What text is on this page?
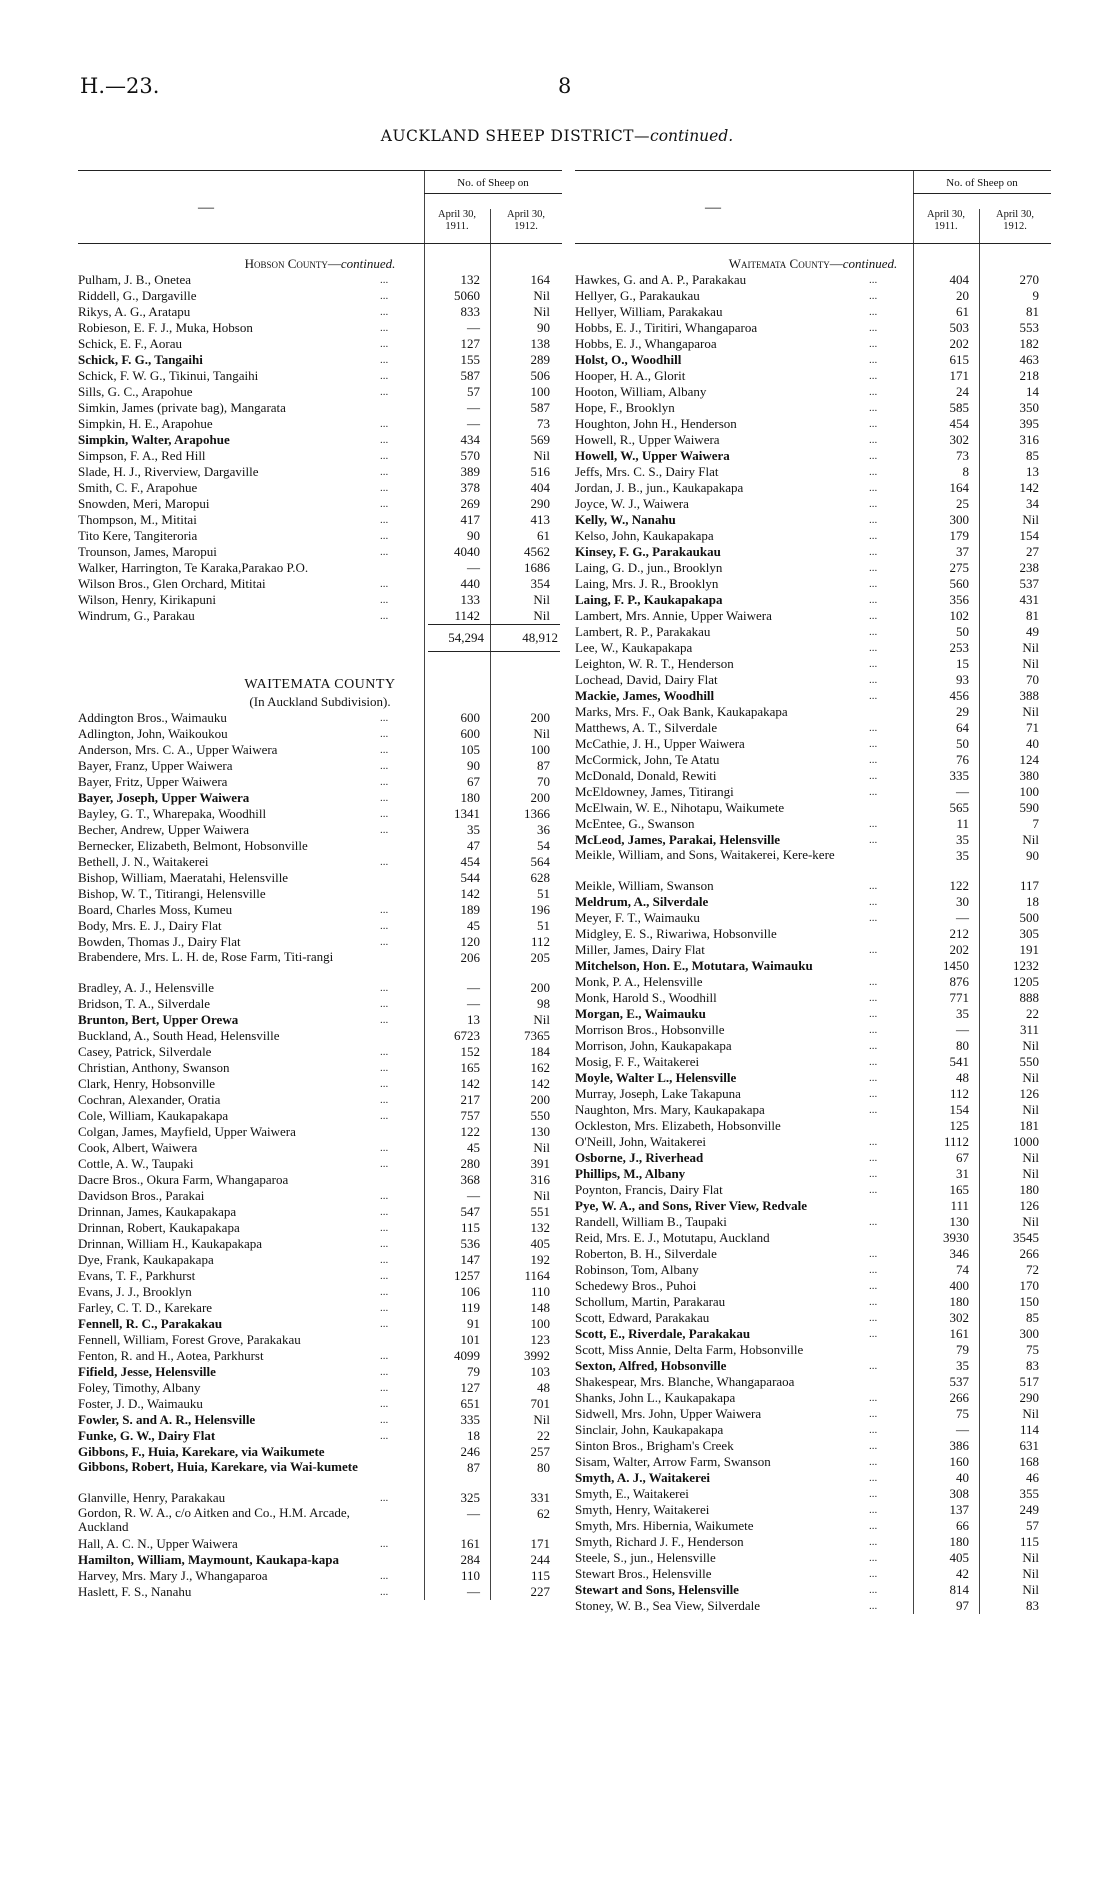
H.—23.	8
AUCKLAND SHEEP DISTRICT—continued.
—
No. of Sheep on
April 30,
1911.
April 30,
1912.
Hobson County—continued.
Pulham, J. B., Onetea	...	132	164
Riddell, G., Dargaville	...	5060	Nil
Rikys, A. G., Aratapu	...	833	Nil
Robieson, E. F. J., Muka, Hobson	...	—	90
Schick, E. F., Aorau	...	127	138
Schick, F. G., Tangaihi	...	155	289
Schick, F. W. G., Tikinui, Tangaihi	...	587	506
Sills, G. C., Arapohue	...	57	100
Simkin, James (private bag), Mangarata	—	587
Simpkin, H. E., Arapohue	...	—	73
Simpkin, Walter, Arapohue	...	434	569
Simpson, F. A., Red Hill	...	570	Nil
Slade, H. J., Riverview, Dargaville	...	389	516
Smith, C. F., Arapohue	...	378	404
Snowden, Meri, Maropui	...	269	290
Thompson, M., Mititai	...	417	413
Tito Kere, Tangiteroria	...	90	61
Trounson, James, Maropui	...	4040	4562
Walker, Harrington, Te Karaka,Parakao P.O.	—	1686
Wilson Bros., Glen Orchard, Mititai	...	440	354
Wilson, Henry, Kirikapuni	...	133	Nil
Windrum, G., Parakau	...	1142	Nil
54,294	48,912
WAITEMATA COUNTY
(In Auckland Subdivision).
Addington Bros., Waimauku	...	600	200
Adlington, John, Waikoukou	...	600	Nil
Anderson, Mrs. C. A., Upper Waiwera	...	105	100
Bayer, Franz, Upper Waiwera	...	90	87
Bayer, Fritz, Upper Waiwera	...	67	70
Bayer, Joseph, Upper Waiwera	...	180	200
Bayley, G. T., Wharepaka, Woodhill	...	1341	1366
Becher, Andrew, Upper Waiwera	...	35	36
Bernecker, Elizabeth, Belmont, Hobsonville	47	54
Bethell, J. N., Waitakerei	...	454	564
Bishop, William, Maeratahi, Helensville	544	628
Bishop, W. T., Titirangi, Helensville	142	51
Board, Charles Moss, Kumeu	...	189	196
Body, Mrs. E. J., Dairy Flat	...	45	51
Bowden, Thomas J., Dairy Flat	...	120	112
Brabendere, Mrs. L. H. de, Rose Farm, Titi-rangi	206	205
Bradley, A. J., Helensville	...	—	200
Bridson, T. A., Silverdale	...	—	98
Brunton, Bert, Upper Orewa	...	13	Nil
Buckland, A., South Head, Helensville	6723	7365
Casey, Patrick, Silverdale	...	152	184
Christian, Anthony, Swanson	...	165	162
Clark, Henry, Hobsonville	...	142	142
Cochran, Alexander, Oratia	...	217	200
Cole, William, Kaukapakapa	...	757	550
Colgan, James, Mayfield, Upper Waiwera	122	130
Cook, Albert, Waiwera	...	45	Nil
Cottle, A. W., Taupaki	...	280	391
Dacre Bros., Okura Farm, Whangaparoa	368	316
Davidson Bros., Parakai	...	—	Nil
Drinnan, James, Kaukapakapa	...	547	551
Drinnan, Robert, Kaukapakapa	...	115	132
Drinnan, William H., Kaukapakapa	...	536	405
Dye, Frank, Kaukapakapa	...	147	192
Evans, T. F., Parkhurst	...	1257	1164
Evans, J. J., Brooklyn	...	106	110
Farley, C. T. D., Karekare	...	119	148
Fennell, R. C., Parakakau	...	91	100
Fennell, William, Forest Grove, Parakakau	101	123
Fenton, R. and H., Aotea, Parkhurst	...	4099	3992
Fifield, Jesse, Helensville	...	79	103
Foley, Timothy, Albany	...	127	48
Foster, J. D., Waimauku	...	651	701
Fowler, S. and A. R., Helensville	...	335	Nil
Funke, G. W., Dairy Flat	...	18	22
Gibbons, F., Huia, Karekare, via Waikumete	246	257
Gibbons, Robert, Huia, Karekare, via Wai-kumete	87	80
Glanville, Henry, Parakakau	...	325	331
Gordon, R. W. A., c/o Aitken and Co., H.M. Arcade, Auckland
—	62
Hall, A. C. N., Upper Waiwera	...	161	171
Hamilton, William, Maymount, Kaukapa-kapa	284	244
Harvey, Mrs. Mary J., Whangaparoa	...	110	115
Haslett, F. S., Nanahu	...	—	227
—
No. of Sheep on
April 30,
1911.
April 30,
1912.
Waitemata County—continued.
Hawkes, G. and A. P., Parakakau	...	404	270
Hellyer, G., Parakaukau	...	20	9
Hellyer, William, Parakakau	...	61	81
Hobbs, E. J., Tiritiri, Whangaparoa	...	503	553
Hobbs, E. J., Whangaparoa	...	202	182
Holst, O., Woodhill	...	615	463
Hooper, H. A., Glorit	...	171	218
Hooton, William, Albany	...	24	14
Hope, F., Brooklyn	...	585	350
Houghton, John H., Henderson	...	454	395
Howell, R., Upper Waiwera	...	302	316
Howell, W., Upper Waiwera	...	73	85
Jeffs, Mrs. C. S., Dairy Flat	...	8	13
Jordan, J. B., jun., Kaukapakapa	...	164	142
Joyce, W. J., Waiwera	...	25	34
Kelly, W., Nanahu	...	300	Nil
Kelso, John, Kaukapakapa	...	179	154
Kinsey, F. G., Parakaukau	...	37	27
Laing, G. D., jun., Brooklyn	...	275	238
Laing, Mrs. J. R., Brooklyn	...	560	537
Laing, F. P., Kaukapakapa	...	356	431
Lambert, Mrs. Annie, Upper Waiwera	...	102	81
Lambert, R. P., Parakakau	...	50	49
Lee, W., Kaukapakapa	...	253	Nil
Leighton, W. R. T., Henderson	...	15	Nil
Lochead, David, Dairy Flat	...	93	70
Mackie, James, Woodhill	...	456	388
Marks, Mrs. F., Oak Bank, Kaukapakapa	29	Nil
Matthews, A. T., Silverdale	...	64	71
McCathie, J. H., Upper Waiwera	...	50	40
McCormick, John, Te Atatu	...	76	124
McDonald, Donald, Rewiti	...	335	380
McEldowney, James, Titirangi	...	—	100
McElwain, W. E., Nihotapu, Waikumete	565	590
McEntee, G., Swanson	...	11	7
McLeod, James, Parakai, Helensville	...	35	Nil
Meikle, William, and Sons, Waitakerei, Kere-kere	35	90
Meikle, William, Swanson	...	122	117
Meldrum, A., Silverdale	...	30	18
Meyer, F. T., Waimauku	...	—	500
Midgley, E. S., Riwariwa, Hobsonville	212	305
Miller, James, Dairy Flat	...	202	191
Mitchelson, Hon. E., Motutara, Waimauku	1450	1232
Monk, P. A., Helensville	...	876	1205
Monk, Harold S., Woodhill	...	771	888
Morgan, E., Waimauku	...	35	22
Morrison Bros., Hobsonville	...	—	311
Morrison, John, Kaukapakapa	...	80	Nil
Mosig, F. F., Waitakerei	...	541	550
Moyle, Walter L., Helensville	...	48	Nil
Murray, Joseph, Lake Takapuna	...	112	126
Naughton, Mrs. Mary, Kaukapakapa	...	154	Nil
Ockleston, Mrs. Elizabeth, Hobsonville	125	181
O'Neill, John, Waitakerei	...	1112	1000
Osborne, J., Riverhead	...	67	Nil
Phillips, M., Albany	...	31	Nil
Poynton, Francis, Dairy Flat	...	165	180
Pye, W. A., and Sons, River View, Redvale	111	126
Randell, William B., Taupaki	...	130	Nil
Reid, Mrs. E. J., Motutapu, Auckland	3930	3545
Roberton, B. H., Silverdale	...	346	266
Robinson, Tom, Albany	...	74	72
Schedewy Bros., Puhoi	...	400	170
Schollum, Martin, Parakarau	...	180	150
Scott, Edward, Parakakau	...	302	85
Scott, E., Riverdale, Parakakau	...	161	300
Scott, Miss Annie, Delta Farm, Hobsonville	79	75
Sexton, Alfred, Hobsonville	...	35	83
Shakespear, Mrs. Blanche, Whangaparaoa	537	517
Shanks, John L., Kaukapakapa	...	266	290
Sidwell, Mrs. John, Upper Waiwera	...	75	Nil
Sinclair, John, Kaukapakapa	...	—	114
Sinton Bros., Brigham's Creek	...	386	631
Sisam, Walter, Arrow Farm, Swanson	...	160	168
Smyth, A. J., Waitakerei	...	40	46
Smyth, E., Waitakerei	...	308	355
Smyth, Henry, Waitakerei	...	137	249
Smyth, Mrs. Hibernia, Waikumete	...	66	57
Smyth, Richard J. F., Henderson	...	180	115
Steele, S., jun., Helensville	...	405	Nil
Stewart Bros., Helensville	...	42	Nil
Stewart and Sons, Helensville	...	814	Nil
Stoney, W. B., Sea View, Silverdale	...	97	83
